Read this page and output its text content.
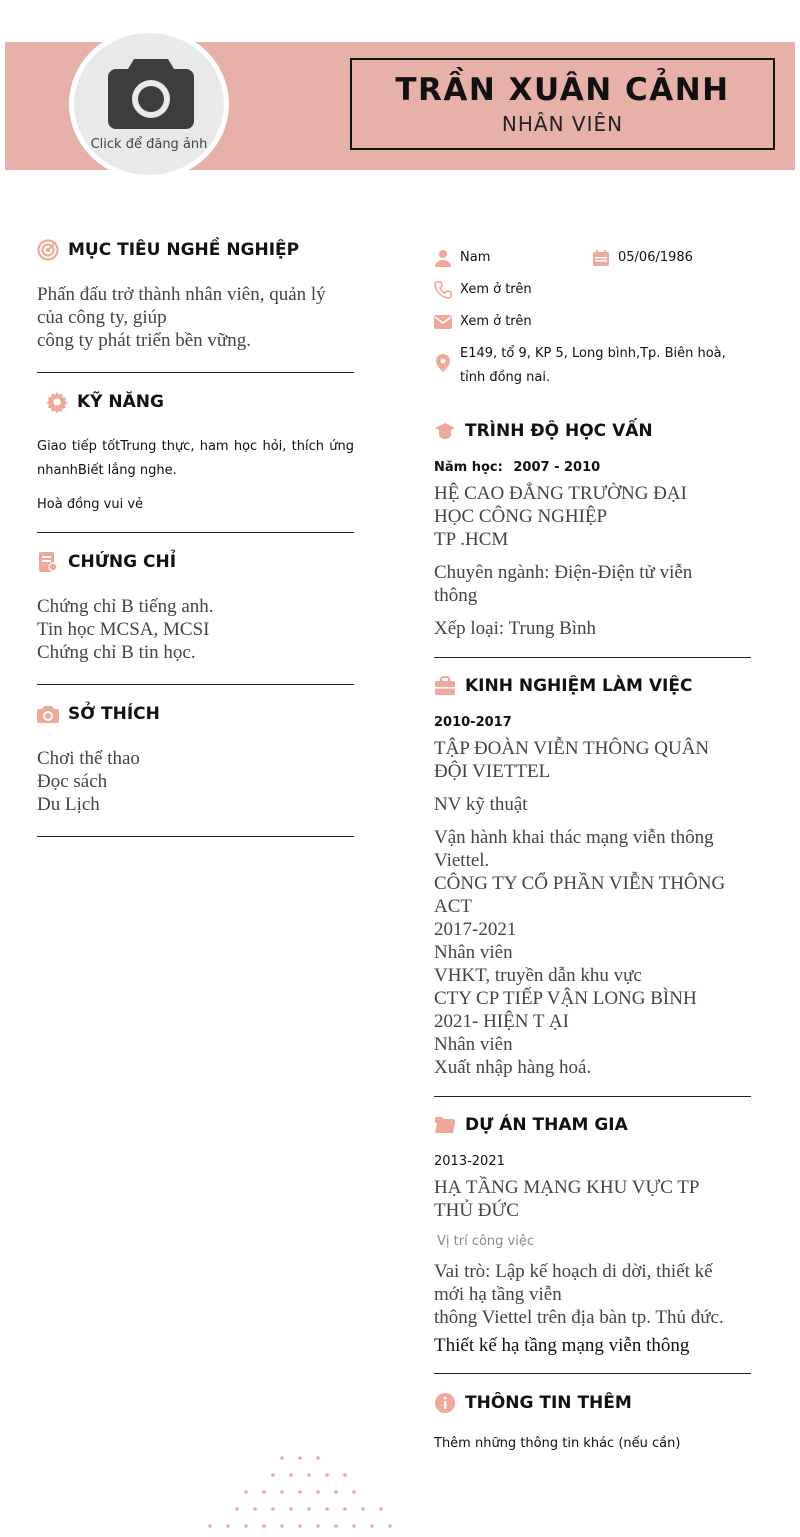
Click để đăng ảnh
TRẦN XUÂN CẢNH
NHÂN VIÊN
MỤC TIÊU NGHỀ NGHIỆP
Phấn đấu trở thành nhân viên, quản lý
của công ty, giúp
công ty phát triển bền vững.
KỸ NĂNG
Giao tiếp tốtTrung thực, ham học hỏi, thích ứng nhanhBiết lắng nghe.
Hoà đồng vui vẻ
CHỨNG CHỈ
Chứng chỉ B tiếng anh.
Tin học MCSA, MCSI
Chứng chỉ B tin học.
SỞ THÍCH
Chơi thể thao
Đọc sách
Du Lịch
Nam	05/06/1986
Xem ở trên
Xem ở trên
E149, tổ 9, KP 5, Long bình,Tp. Biên hoà, tỉnh đồng nai.
TRÌNH ĐỘ HỌC VẤN
Năm học: 2007 - 2010
HỆ CAO ĐẲNG TRƯỜNG ĐẠI
HỌC CÔNG NGHIỆP
TP .HCM
Chuyên ngành: Điện-Điện tử viễn
thông
Xếp loại: Trung Bình
KINH NGHIỆM LÀM VIỆC
2010-2017
TẬP ĐOÀN VIỄN THÔNG QUÂN
ĐỘI VIETTEL
NV kỹ thuật
Vận hành khai thác mạng viễn thông
Viettel.
CÔNG TY CỔ PHẦN VIỄN THÔNG
ACT
2017-2021
Nhân viên
VHKT, truyền dẫn khu vực
CTY CP TIẾP VẬN LONG BÌNH
2021- HIỆN T ẠI
Nhân viên
Xuất nhập hàng hoá.
DỰ ÁN THAM GIA
2013-2021
HẠ TẦNG MẠNG KHU VỰC TP
THỦ ĐỨC
Vị trí công việc
Vai trò: Lập kế hoạch di dời, thiết kế
mới hạ tầng viễn
thông Viettel trên địa bàn tp. Thủ đức.
Thiết kế hạ tầng mạng viễn thông
THÔNG TIN THÊM
Thêm những thông tin khác (nếu cần)
